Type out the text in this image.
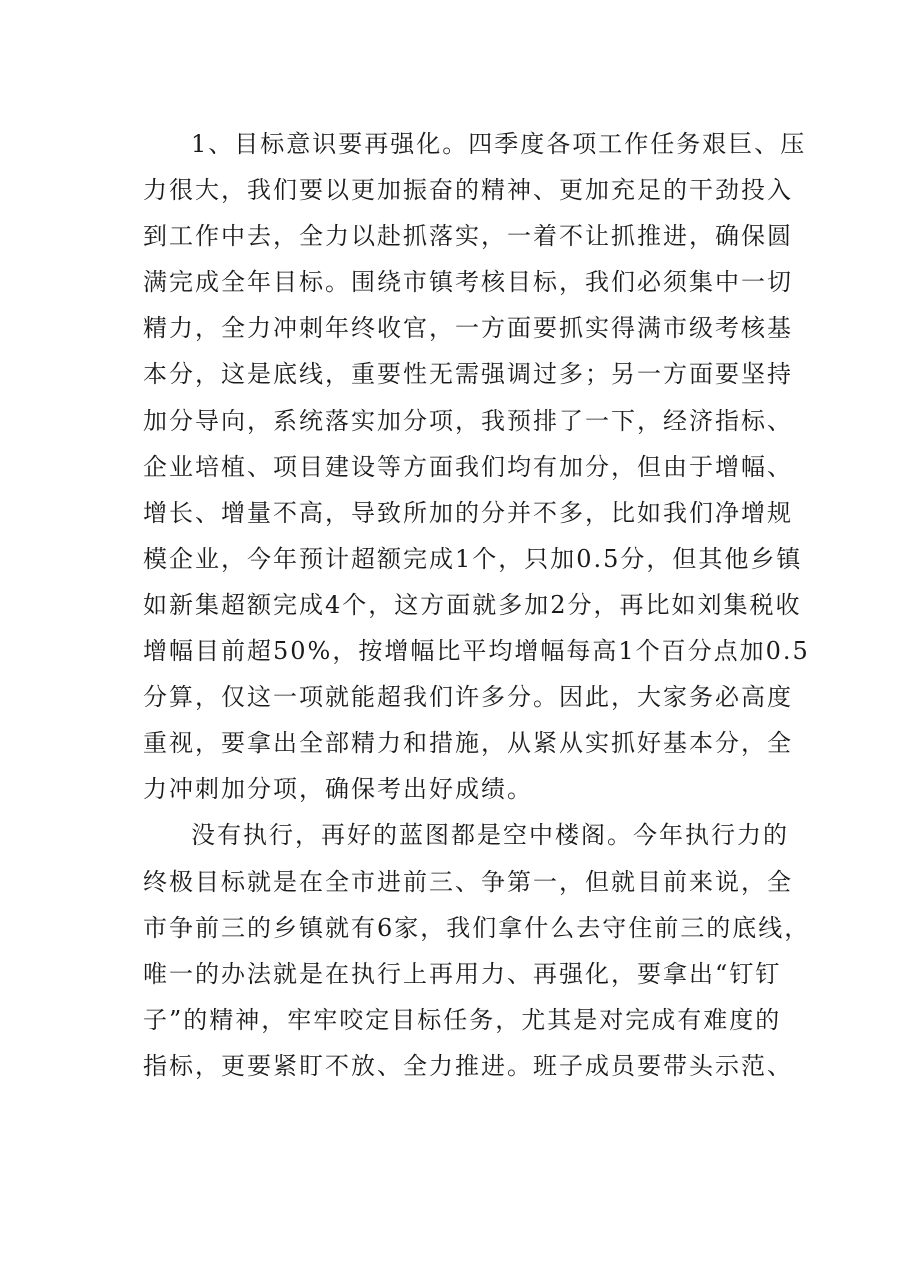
1、目标意识要再强化。四季度各项工作任务艰巨、压
力很大，我们要以更加振奋的精神、更加充足的干劲投入
到工作中去，全力以赴抓落实，一着不让抓推进，确保圆
满完成全年目标。围绕市镇考核目标，我们必须集中一切
精力，全力冲刺年终收官，一方面要抓实得满市级考核基
本分，这是底线，重要性无需强调过多；另一方面要坚持
加分导向，系统落实加分项，我预排了一下，经济指标、
企业培植、项目建设等方面我们均有加分，但由于增幅、
增长、增量不高，导致所加的分并不多，比如我们净增规
模企业，今年预计超额完成1个，只加0.5分，但其他乡镇
如新集超额完成4个，这方面就多加2分，再比如刘集税收
增幅目前超50%，按增幅比平均增幅每高1个百分点加0.5
分算，仅这一项就能超我们许多分。因此，大家务必高度
重视，要拿出全部精力和措施，从紧从实抓好基本分，全
力冲刺加分项，确保考出好成绩。
没有执行，再好的蓝图都是空中楼阁。今年执行力的
终极目标就是在全市进前三、争第一，但就目前来说，全
市争前三的乡镇就有6家，我们拿什么去守住前三的底线，
唯一的办法就是在执行上再用力、再强化，要拿出“钉钉
子”的精神，牢牢咬定目标任务，尤其是对完成有难度的
指标，更要紧盯不放、全力推进。班子成员要带头示范、
